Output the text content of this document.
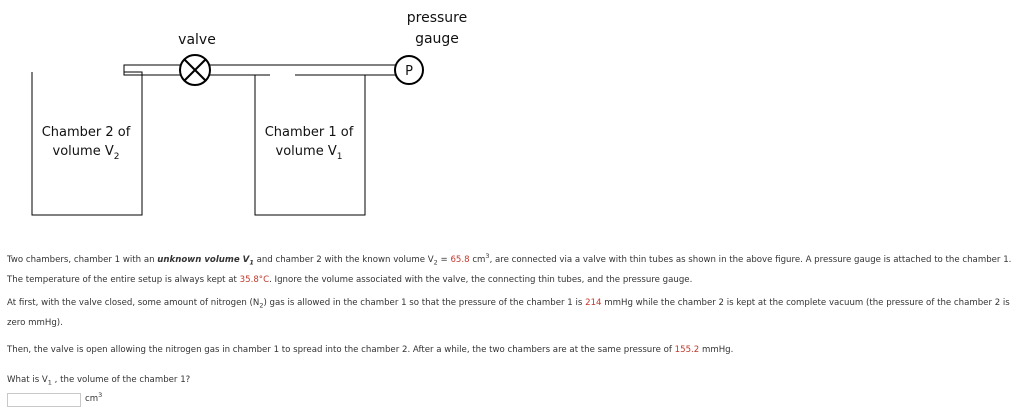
P
valve
pressure
gauge
Chamber 2 of
volume $V_2$
Chamber 1 of
volume $V_1$
Two chambers, chamber 1 with an unknown volume $V_1$ and chamber 2 with the known volume $V_2 = 65.8$ $cm^3$, are connected via a valve with thin tubes as shown in the above figure. A pressure gauge is attached to the chamber 1. The temperature of the entire setup is always kept at 35.8°C. Ignore the volume associated with the valve, the connecting thin tubes, and the pressure gauge.
At first, with the valve closed, some amount of nitrogen $(N_2)$ gas is allowed in the chamber 1 so that the pressure of the chamber 1 is 214 mmHg while the chamber 2 is kept at the complete vacuum (the pressure of the chamber 2 is zero mmHg).
Then, the valve is open allowing the nitrogen gas in chamber 1 to spread into the chamber 2. After a while, the two chambers are at the same pressure of 155.2 mmHg.
What is $V_1$ , the volume of the chamber 1?
$cm^3$
